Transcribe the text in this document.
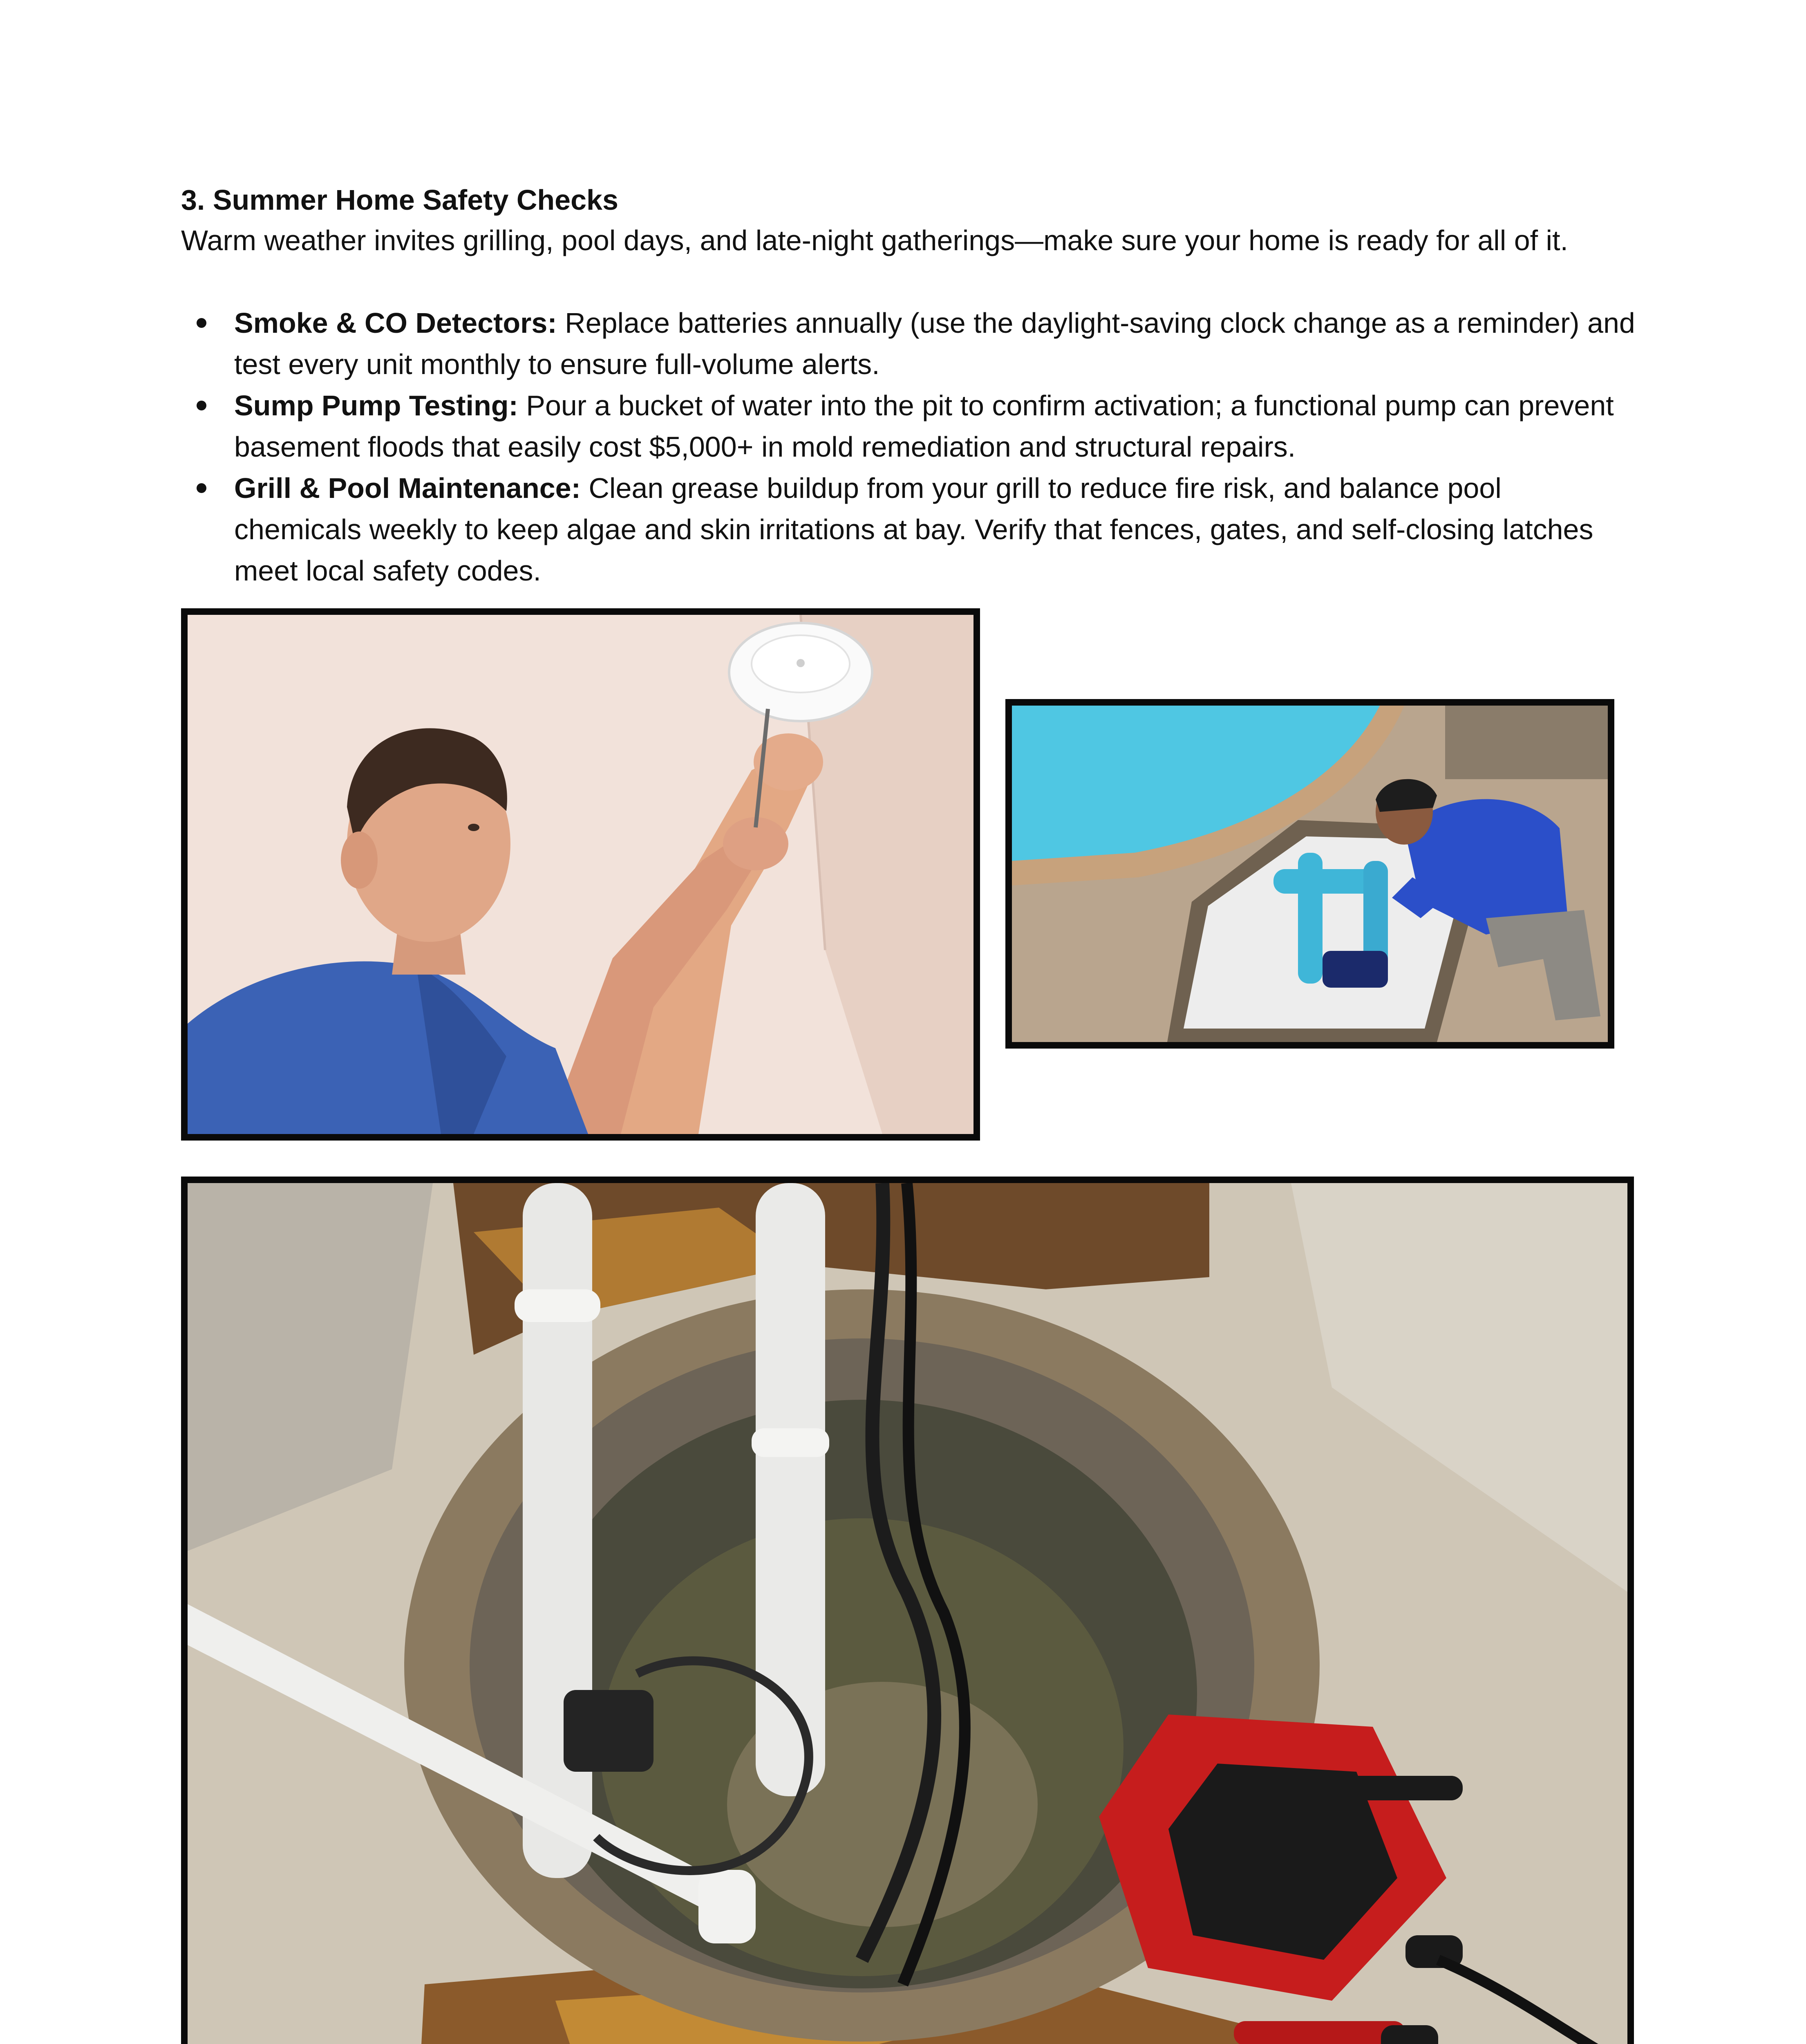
3. Summer Home Safety Checks
Warm weather invites grilling, pool days, and late-night gatherings—make sure your home is ready for all of it.
Smoke & CO Detectors: Replace batteries annually (use the daylight-saving clock change as a reminder) and test every unit monthly to ensure full-volume alerts.
Sump Pump Testing: Pour a bucket of water into the pit to confirm activation; a functional pump can prevent basement floods that easily cost $5,000+ in mold remediation and structural repairs.
Grill & Pool Maintenance: Clean grease buildup from your grill to reduce fire risk, and balance pool chemicals weekly to keep algae and skin irritations at bay. Verify that fences, gates, and self-closing latches meet local safety codes.
